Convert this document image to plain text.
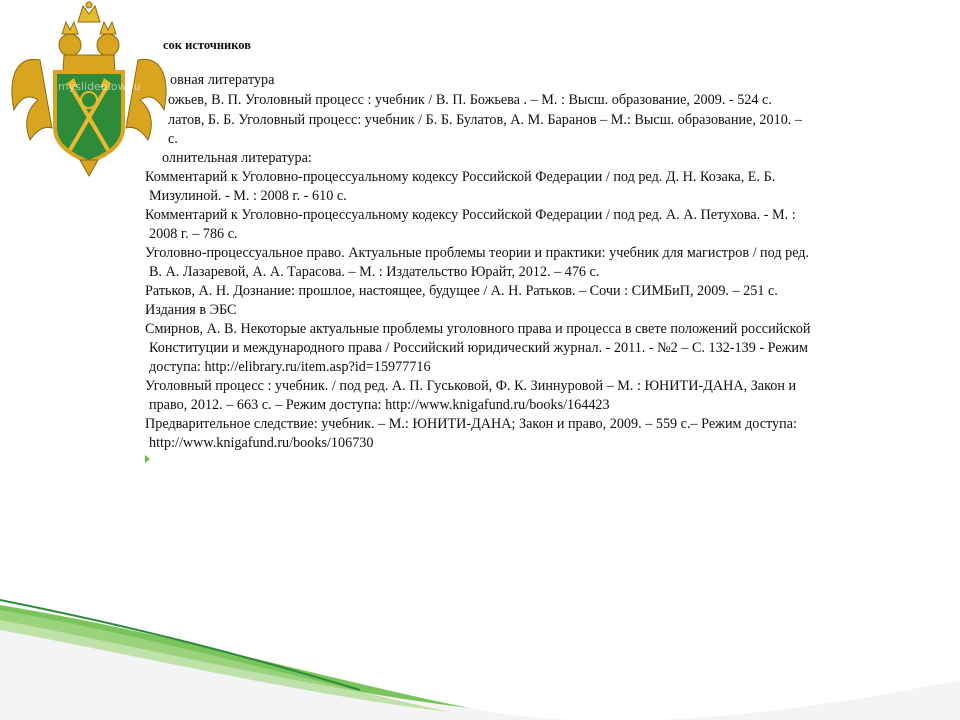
myslideшow.ru
сок источников
овная литература
ожьев, В. П. Уголовный процесс : учебник / В. П. Божьева . – М. : Высш. образование, 2009. - 524 с.
латов, Б. Б. Уголовный процесс: учебник / Б. Б. Булатов, А. М. Баранов – М.: Высш. образование, 2010. –
с.
олнительная литература:
Комментарий к Уголовно-процессуальному кодексу Российской Федерации / под ред. Д. Н. Козака, Е. Б.
Мизулиной. - М. : 2008 г. - 610 с.
Комментарий к Уголовно-процессуальному кодексу Российской Федерации / под ред. А. А. Петухова. - М. :
2008 г. – 786 с.
Уголовно-процессуальное право. Актуальные проблемы теории и практики: учебник для магистров / под ред.
В. А. Лазаревой, А. А. Тарасова. – М. : Издательство Юрайт, 2012. – 476 с.
Ратьков, А. Н. Дознание: прошлое, настоящее, будущее / А. Н. Ратьков. – Сочи : СИМБиП, 2009. – 251 с.
Издания в ЭБС
Смирнов, А. В. Некоторые актуальные проблемы уголовного права и процесса в свете положений российской
Конституции и международного права / Российский юридический журнал. - 2011. - №2 – С. 132-139 - Режим
доступа: http://elibrary.ru/item.asp?id=15977716
Уголовный процесс : учебник. / под ред. А. П. Гуськовой, Ф. К. Зиннуровой – М. : ЮНИТИ-ДАНА, Закон и
право, 2012. – 663 с. – Режим доступа: http://www.knigafund.ru/books/164423
Предварительное следствие: учебник. – М.: ЮНИТИ-ДАНА; Закон и право, 2009. – 559 с.– Режим доступа:
http://www.knigafund.ru/books/106730
